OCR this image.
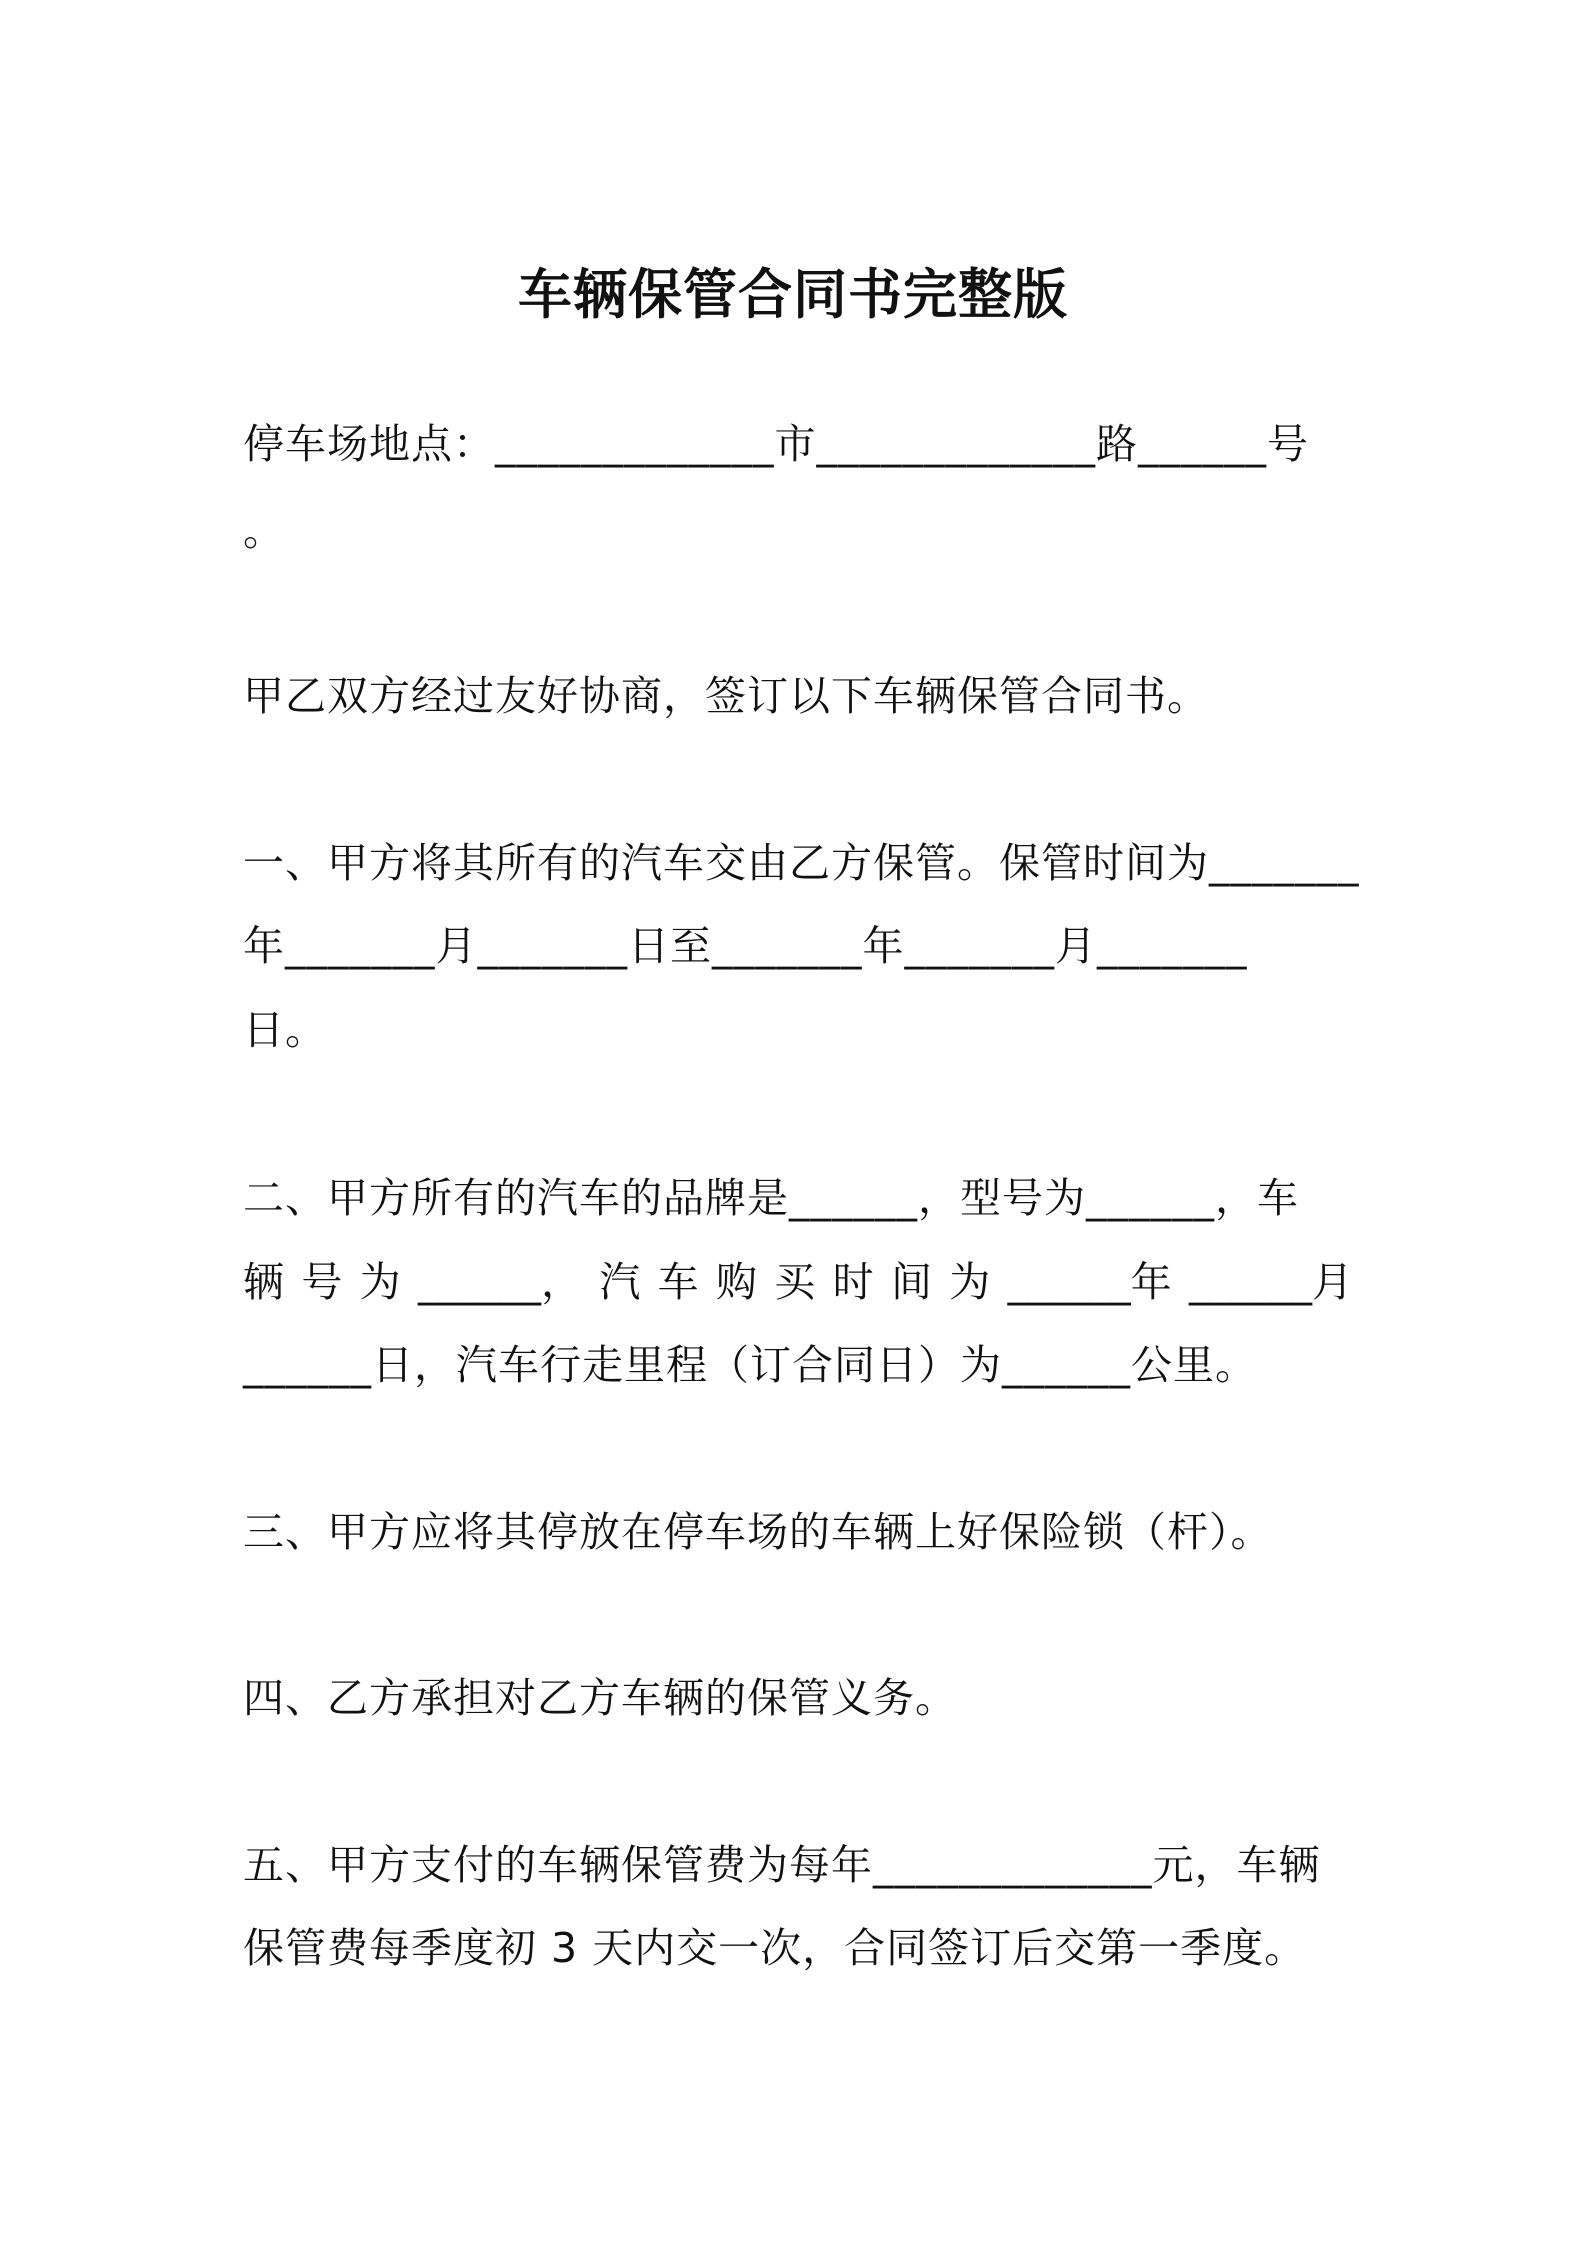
车辆保管合同书完整版
停车场地点：_____________市_____________路______号
。
甲乙双方经过友好协商，签订以下车辆保管合同书。
一、甲方将其所有的汽车交由乙方保管。保管时间为_______
年_______月_______日至_______年_______月_______
日。
二、甲方所有的汽车的品牌是______，型号为______，车
辆 号 为 ______， 汽 车 购 买 时 间 为 ______年 ______月
______日，汽车行走里程（订合同日）为______公里。
三、甲方应将其停放在停车场的车辆上好保险锁（杆）。
四、乙方承担对乙方车辆的保管义务。
五、甲方支付的车辆保管费为每年_____________元，车辆
保管费每季度初 3 天内交一次，合同签订后交第一季度。
